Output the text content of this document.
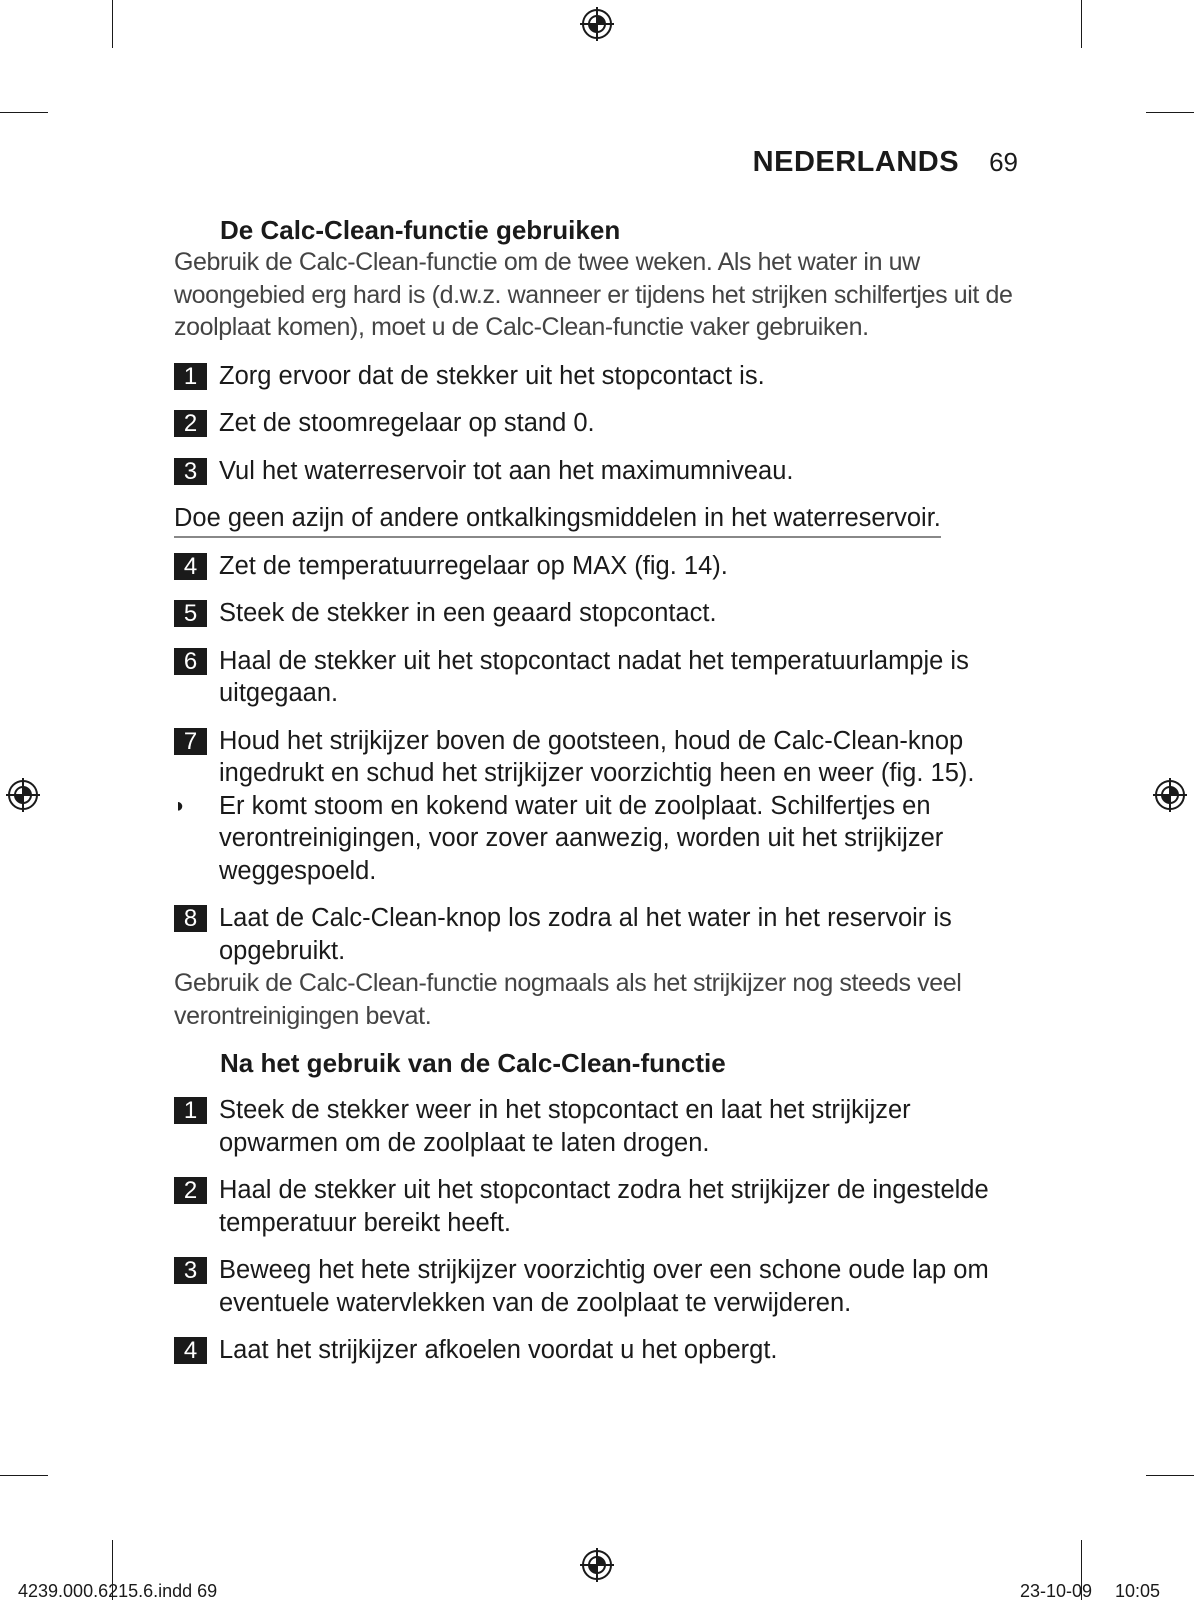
NEDERLANDS 69
De Calc-Clean-functie gebruiken

Gebruik de Calc-Clean-functie om de twee weken. Als het water in uw woongebied erg hard is (d.w.z. wanneer er tijdens het strijken schilfertjes uit de zoolplaat komen), moet u de Calc-Clean-functie vaker gebruiken.

1 Zorg ervoor dat de stekker uit het stopcontact is.
2 Zet de stoomregelaar op stand 0.
3 Vul het waterreservoir tot aan het maximumniveau.
Doe geen azijn of andere ontkalkingsmiddelen in het waterreservoir.
4 Zet de temperatuurregelaar op MAX (fig. 14).
5 Steek de stekker in een geaard stopcontact.
6 Haal de stekker uit het stopcontact nadat het temperatuurlampje is uitgegaan.
7 Houd het strijkijzer boven de gootsteen, houd de Calc-Clean-knop ingedrukt en schud het strijkijzer voorzichtig heen en weer (fig. 15).
◗	Er komt stoom en kokend water uit de zoolplaat. Schilfertjes en verontreinigingen, voor zover aanwezig, worden uit het strijkijzer weggespoeld.
8 Laat de Calc-Clean-knop los zodra al het water in het reservoir is opgebruikt.

Gebruik de Calc-Clean-functie nogmaals als het strijkijzer nog steeds veel verontreinigingen bevat.

Na het gebruik van de Calc-Clean-functie
1 Steek de stekker weer in het stopcontact en laat het strijkijzer opwarmen om de zoolplaat te laten drogen.
2 Haal de stekker uit het stopcontact zodra het strijkijzer de ingestelde temperatuur bereikt heeft.
3 Beweeg het hete strijkijzer voorzichtig over een schone oude lap om eventuele watervlekken van de zoolplaat te verwijderen.
4 Laat het strijkijzer afkoelen voordat u het opbergt.
4239.000.6215.6.indd 69	23-10-09 10:05
